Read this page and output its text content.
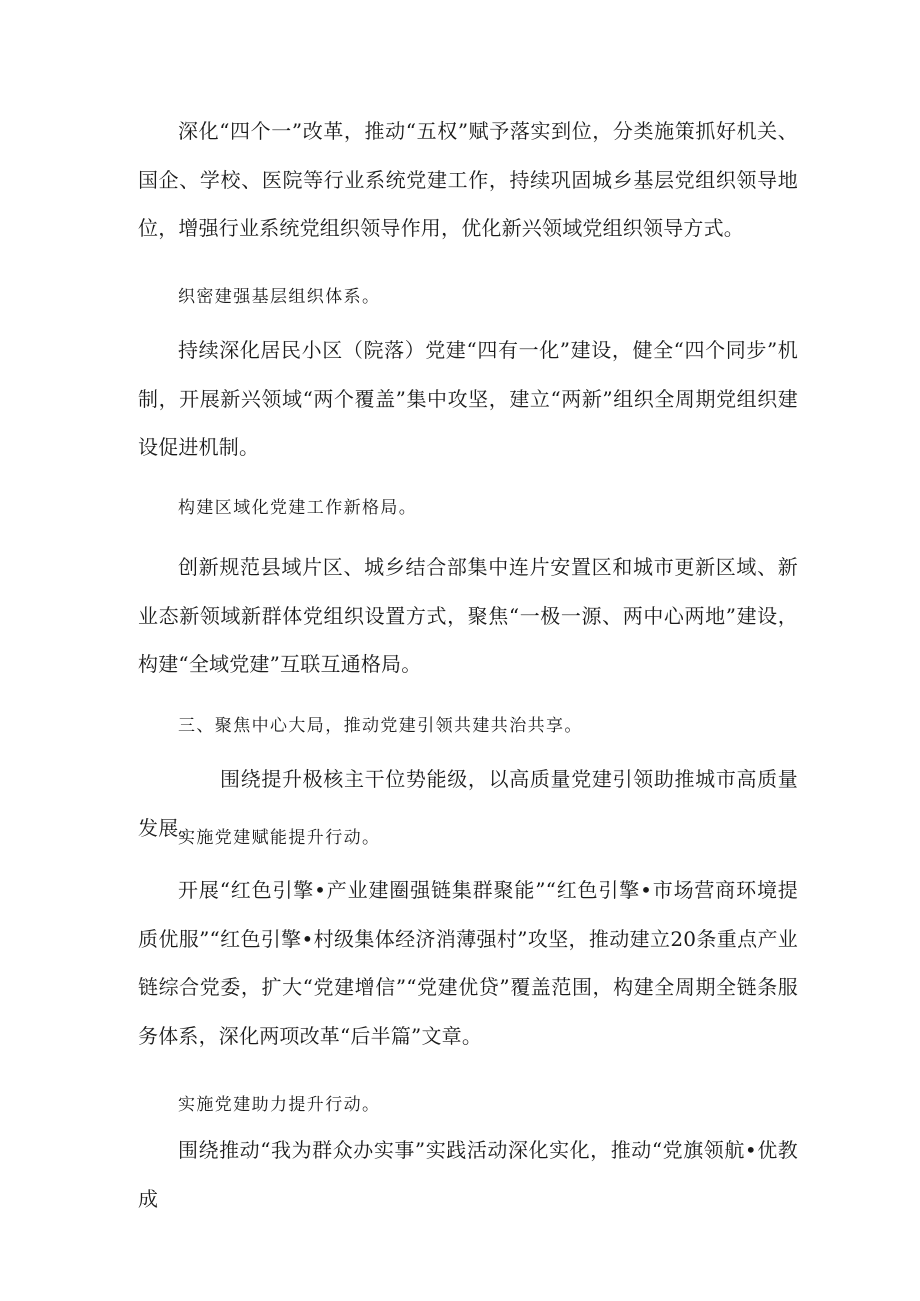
深化“四个一”改革，推动“五权”赋予落实到位，分类施策抓好机关、国企、学校、医院等行业系统党建工作，持续巩固城乡基层党组织领导地位，增强行业系统党组织领导作用，优化新兴领域党组织领导方式。

织密建强基层组织体系。

持续深化居民小区（院落）党建“四有一化”建设，健全“四个同步”机制，开展新兴领域“两个覆盖”集中攻坚，建立“两新”组织全周期党组织建设促进机制。

构建区域化党建工作新格局。

创新规范县域片区、城乡结合部集中连片安置区和城市更新区域、新业态新领域新群体党组织设置方式，聚焦“一极一源、两中心两地”建设，构建“全域党建”互联互通格局。

三、聚焦中心大局，推动党建引领共建共治共享。

围绕提升极核主干位势能级，以高质量党建引领助推城市高质量发展。

实施党建赋能提升行动。

开展“红色引擎•产业建圈强链集群聚能”“红色引擎•市场营商环境提质优服”“红色引擎•村级集体经济消薄强村”攻坚，推动建立20条重点产业链综合党委，扩大“党建增信”“党建优贷”覆盖范围，构建全周期全链条服务体系，深化两项改革“后半篇”文章。

实施党建助力提升行动。

围绕推动“我为群众办实事”实践活动深化实化，推动“党旗领航•优教成
